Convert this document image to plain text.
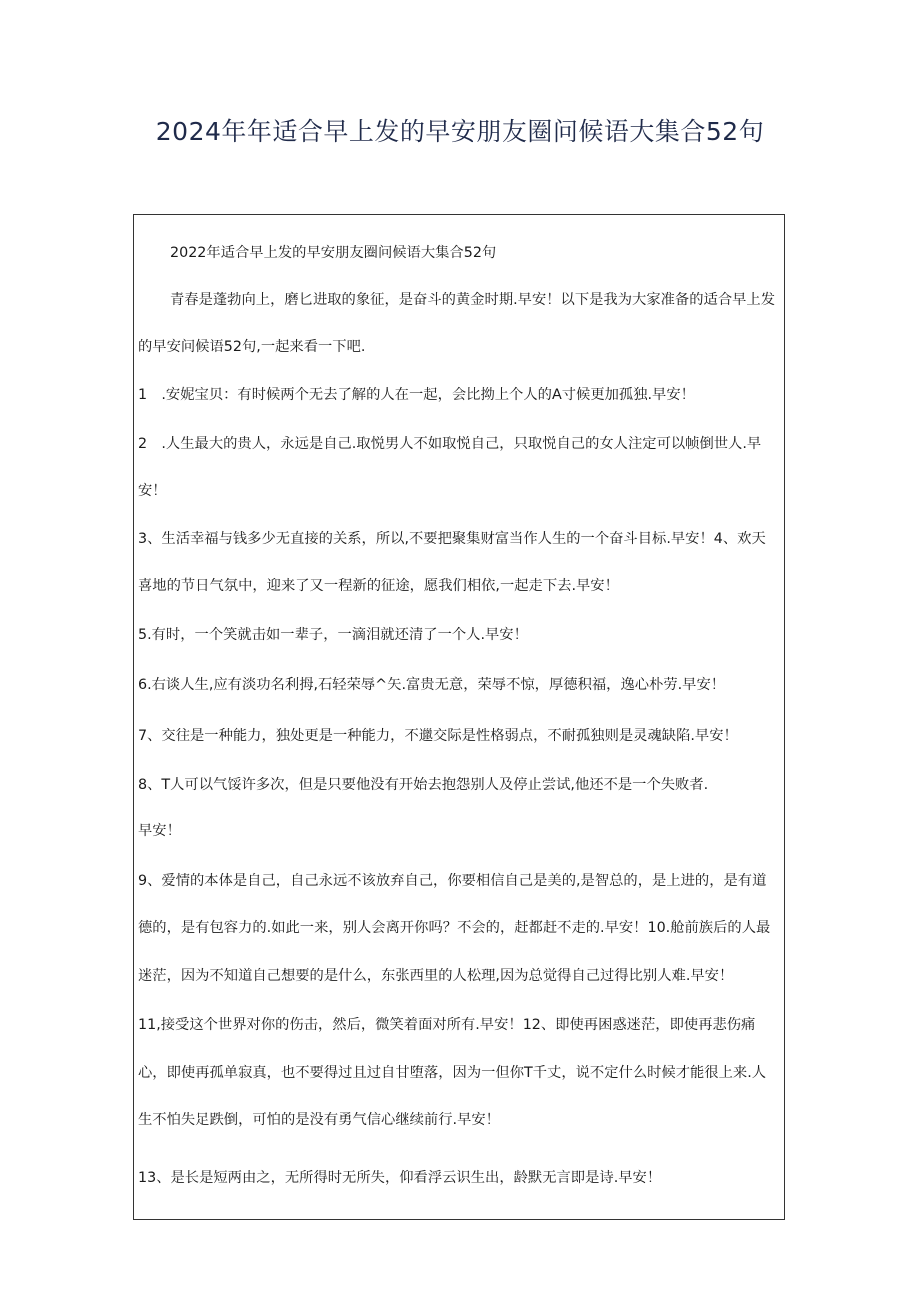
2024年年适合早上发的早安朋友圈问候语大集合52句
2022年适合早上发的早安朋友圈问候语大集合52句
青春是蓬勃向上，磨匕进取的象征，是奋斗的黄金时期.早安！以下是我为大家准备的适合早上发
的早安问候语52句,一起来看一下吧.
1　.安妮宝贝：有时候两个无去了解的人在一起，会比拗上个人的A寸候更加孤独.早安！
2　.人生最大的贵人，永远是自己.取悦男人不如取悦自己，只取悦自己的女人注定可以帧倒世人.早
安！
3、生活幸福与钱多少无直接的关系，所以,不要把聚集财富当作人生的一个奋斗目标.早安！4、欢天
喜地的节日气氛中，迎来了又一程新的征途，愿我们相依,一起走下去.早安！
5.有时，一个笑就击如一辈子，一滴泪就还清了一个人.早安！
6.右谈人生,应有淡功名利拇,石轻荣辱^矢.富贵无意，荣辱不惊，厚德积福，逸心朴劳.早安！
7、交往是一种能力，独处更是一种能力，不邋交际是性格弱点，不耐孤独则是灵魂缺陷.早安！
8、T人可以气馁许多次，但是只要他没有开始去抱怨别人及停止尝试,他还不是一个失败者.
早安！
9、爱情的本体是自己，自己永远不该放弃自己，你要相信自己是美的,是智总的，是上进的，是有道
德的，是有包容力的.如此一来，别人会离开你吗？不会的，赶都赶不走的.早安！10.舱前族后的人最
迷茫，因为不知道自己想要的是什么，东张西里的人松理,因为总觉得自己过得比别人难.早安！
11,接受这个世界对你的伤击，然后，微笑着面对所有.早安！12、即使再困惑迷茫，即使再悲伤痛
心，即使再孤单寂真，也不要得过且过自甘堕落，因为一但你T千丈，说不定什么时候才能很上来.人
生不怕失足跌倒，可怕的是没有勇气信心继续前行.早安！
13、是长是短两由之，无所得时无所失，仰看浮云识生出，龄默无言即是诗.早安！
